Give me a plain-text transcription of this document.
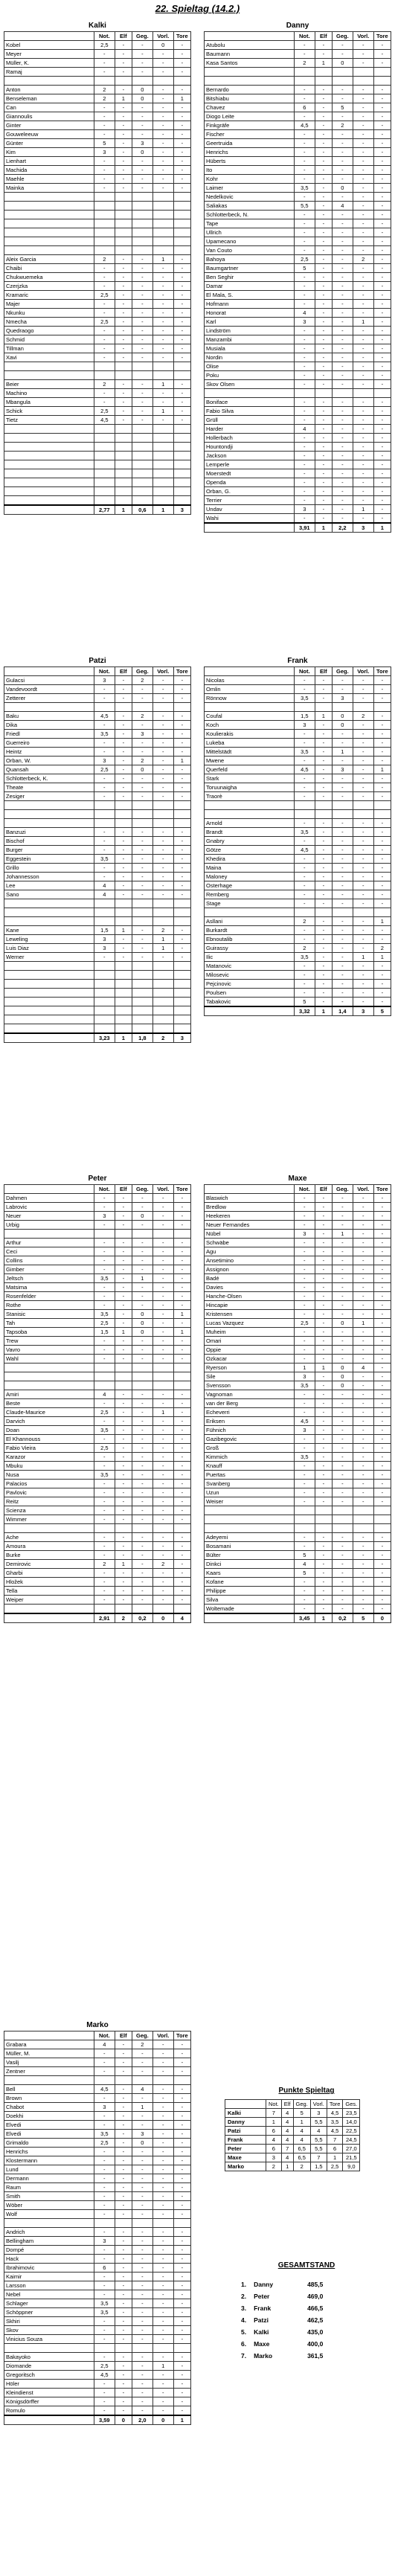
22. Spieltag (14.2.)
Kalki
	Not.	Elf	Geg.	Vorl.	Tore
Kobel	2,5	-	-	0	-
Meyer	-	-	-	-	-
Müller, K.	-	-	-	-	-
Ramaj	-	-	-	-	-

Anton	2	-	0	-	-
Benseleman	2	1	0	-	1
Can	-	-	-	-	-
Giannoulis	-	-	-	-	-
Ginter	-	-	-	-	-
Gouweleeuw	-	-	-	-	-
Günter	5	-	3	-	-
Kim	3	-	0	-	-
Lienhart	-	-	-	-	-
Machida	-	-	-	-	-
Maehle	-	-	-	-	-
Mainka	-	-	-	-	-

Aleix Garcia	2	-	-	1	-
Chaibi	-	-	-	-	-
Chukwuemeka	-	-	-	-	-
Czerjzka	-	-	-	-	-
Kramaric	2,5	-	-	-	-
Majer	-	-	-	-	-
Nkunku	-	-	-	-	-
Nmecha	2,5	-	-	-	-
Quedraogo	-	-	-	-	-
Schmid	-	-	-	-	-
Tillman	-	-	-	-	-
Xavi	-	-	-	-	-

Beier	2	-	-	1	-
Machino	-	-	-	-	-
Mbangula	-	-	-	-	-
Schick	2,5	-	-	1	-
Tietz	4,5	-	-	-	-

	2,77	1	0,6	1	3
Danny
	Not.	Elf	Geg.	Vorl.	Tore
Atubolu	-	-	-	-	-
Baumann	-	-	-	-	-
Kasa Santos	2	1	0	-	-

Bernardo	-	-	-	-	-
Bitshiabu	-	-	-	-	-
Chavez	6	-	5	-	-
Diogo Leite	-	-	-	-	-
Finkgräfe	4,5	-	2	-	-
Fischer	-	-	-	-	-
Geertruida	-	-	-	-	-
Henrichs	-	-	-	-	-
Hüberts	-	-	-	-	-
Ito	-	-	-	-	-
Kohr	-	-	-	-	-
Laimer	3,5	-	0	-	-
Nedelkovic	-	-	-	-	-
Saliakas	5,5	-	4	-	-
Schlotterbeck, N.	-	-	-	-	-
Tape	-	-	-	-	-
Ullrich	-	-	-	-	-
Upamecano	-	-	-	-	-
Van Couto	-	-	-	-	-
Bahoya	2,5	-	-	2	-
Baumgartner	5	-	-	-	-
Ben Seghir	-	-	-	-	-
Damar	-	-	-	-	-
El Mala, S.	-	-	-	-	-
Hofmann	-	-	-	-	-
Honorat	4	-	-	-	-
Karl	3	-	-	1	-
Lindström	-	-	-	-	-
Manzambi	-	-	-	-	-
Musiala	-	-	-	-	-
Nordin	-	-	-	-	-
Olise	-	-	-	-	-
Poku	-	-	-	-	-
Skov Olsen	-	-	-	-	-

Boniface	-	-	-	-	-
Fabio Silva	-	-	-	-	-
Grüll	-	-	-	-	-
Harder	4	-	-	-	-
Hollerbach	-	-	-	-	-
Hountondji	-	-	-	-	-
Jackson	-	-	-	-	-
Lemperle	-	-	-	-	-
Moerstedt	-	-	-	-	-
Openda	-	-	-	-	-
Orban, G.	-	-	-	-	-
Terrier	-	-	-	-	-
Undav	3	-	-	1	-
Wahi	-	-	-	-	-
	3,91	1	2,2	3	1
Patzi
	Not.	Elf	Geg.	Vorl.	Tore
Gulacsi	3	-	2	-	-
Vandevoordt	-	-	-	-	-
Zetterer	-	-	-	-	-

Baku	4,5	-	2	-	-
Dika	-	-	-	-	-
Friedl	3,5	-	3	-	-
Guerreiro	-	-	-	-	-
Heintz	-	-	-	-	-
Orban, W.	3	-	2	-	1
Quansah	2,5	-	0	-	-
Schlotterbeck, K.	-	-	-	-	-
Theate	-	-	-	-	-
Zesiger	-	-	-	-	-

Banzuzi	-	-	-	-	-
Bischof	-	-	-	-	-
Burger	-	-	-	-	-
Eggestein	3,5	-	-	-	-
Grillo	-	-	-	-	-
Johannesson	-	-	-	-	-
Lee	4	-	-	-	-
Sano	4	-	-	-	-

Kane	1,5	1	-	2	-
Leweling	3	-	-	1	-
Luis Diaz	3	-	-	1	-
Werner	-	-	-	-	-

	3,23	1	1,8	2	3
Frank
	Not.	Elf	Geg.	Vorl.	Tore
Nicolas	-	-	-	-	-
Omlin	-	-	-	-	-
Rönnow	3,5	-	3	-	-

Coufal	1,5	1	0	2	-
Koch	3	-	0	-	-
Koulierakis	-	-	-	-	-
Lukeba	-	-	-	-	-
Mittelstädt	3,5	-	1	-	-
Mwene	-	-	-	-	-
Querfeld	4,5	-	3	-	1
Stark	-	-	-	-	-
Toruunaigha	-	-	-	-	-
Traorè	-	-	-	-	-

Arnold	-	-	-	-	-
Brandt	3,5	-	-	-	-
Gnabry	-	-	-	-	-
Götze	4,5	-	-	-	-
Khedira	-	-	-	-	-
Maina	-	-	-	-	-
Maloney	-	-	-	-	-
Osterhage	-	-	-	-	-
Remberg	-	-	-	-	-
Stage	-	-	-	-	-

Asllani	2	-	-	-	1
Burkardt	-	-	-	-	-
Ebnoutalib	-	-	-	-	-
Guirassy	2	-	-	-	2
Ilic	3,5	-	-	1	1
Matanovic	-	-	-	-	-
Milosevic	-	-	-	-	-
Pejcinovic	-	-	-	-	-
Poulsen	-	-	-	-	-
Tabakovic	5	-	-	-	-
	3,32	1	1,4	3	5
Peter
	Not.	Elf	Geg.	Vorl.	Tore
Dahmen	-	-	-	-	-
Labrovic	-	-	-	-	-
Neuer	3	-	0	-	-
Urbig	-	-	-	-	-

Arthur	-	-	-	-	-
Ceci	-	-	-	-	-
Collins	-	-	-	-	-
Gimber	-	-	-	-	-
Jeltsch	3,5	-	1	-	-
Matsima	-	-	-	-	-
Rosenfelder	-	-	-	-	-
Rothe	-	-	-	-	-
Stanisic	3,5	-	0	-	1
Tah	2,5	-	0	-	-
Tapsoba	1,5	1	0	-	1
Trew	-	-	-	-	-
Vavro	-	-	-	-	-
Wahl	-	-	-	-	-

Amiri	4	-	-	-	-
Beste	-	-	-	-	-
Claude-Maurice	2,5	-	-	1	-
Darvich	-	-	-	-	-
Doan	3,5	-	-	-	-
El Khannouss	-	-	-	-	-
Fabio Vieira	2,5	-	-	-	-
Karazor	-	-	-	-	-
Mbuku	-	-	-	-	-
Nusa	3,5	-	-	-	-
Palacios	-	-	-	-	-
Pavlovic	-	-	-	-	-
Reitz	-	-	-	-	-
Scienza	-	-	-	-	-
Wimmer	-	-	-	-	-

Ache	-	-	-	-	-
Amoura	-	-	-	-	-
Burke	-	-	-	-	-
Demirovic	2	1	-	2	-
Gharbi	-	-	-	-	-
Hložek	-	-	-	-	-
Tella	-	-	-	-	-
Weiper	-	-	-	-	-

	2,91	2	0,2	0	4
Maxe
	Not.	Elf	Geg.	Vorl.	Tore
Blaswich	-	-	-	-	-
Bredlow	-	-	-	-	-
Heekeren	-	-	-	-	-
Neuer Fernandes	-	-	-	-	-
Nübel	3	-	1	-	-
Schwäbe	-	-	-	-	-
Agu	-	-	-	-	-
Ansetimino	-	-	-	-	-
Assignon	-	-	-	-	-
Badé	-	-	-	-	-
Davies	-	-	-	-	-
Hanche-Olsen	-	-	-	-	-
Hincapie	-	-	-	-	-
Kristensen	-	-	-	-	-
Lucas Vazquez	2,5	-	0	1	-
Muheim	-	-	-	-	-
Omari	-	-	-	-	-
Oppie	-	-	-	-	-
Ozkacar	-	-	-	-	-
Ryerson	1	1	0	4	-
Sile	3	-	0	-	-
Svensson	3,5	-	0	-	-
Vagnoman	-	-	-	-	-
van der Berg	-	-	-	-	-
Echeverri	-	-	-	-	-
Eriksen	4,5	-	-	-	-
Fühnich	3	-	-	-	-
Gazibegovic	-	-	-	-	-
Groß	-	-	-	-	-
Kimmich	3,5	-	-	-	-
Knauff	-	-	-	-	-
Puertas	-	-	-	-	-
Svanberg	-	-	-	-	-
Uzun	-	-	-	-	-
Weiser	-	-	-	-	-

Adeyemi	-	-	-	-	-
Bosamani	-	-	-	-	-
Bülter	5	-	-	-	-
Dinkci	4	-	-	-	-
Kaars	5	-	-	-	-
Kofane	-	-	-	-	-
Philippe	-	-	-	-	-
Silva	-	-	-	-	-
Woltemade	-	-	-	-	-
	3,45	1	0,2	5	0
Marko
	Not.	Elf	Geg.	Vorl.	Tore
Grabara	4	-	2	-	-
Müller, M.	-	-	-	-	-
Vasilj	-	-	-	-	-
Zentner	-	-	-	-	-

Bell	4,5	-	4	-	-
Brown	-	-	-	-	-
Chabot	3	-	1	-	-
Doekhi	-	-	-	-	-
Elvedi	-	-	-	-	-
Elvedi	3,5	-	3	-	-
Grimaldo	2,5	-	0	-	-
Henrichs	-	-	-	-	-
Klostermann	-	-	-	-	-
Lund	-	-	-	-	-
Dermann	-	-	-	-	-
Raum	-	-	-	-	-
Smith	-	-	-	-	-
Wöber	-	-	-	-	-
Wolf	-	-	-	-	-

Andrich	-	-	-	-	-
Bellingham	3	-	-	-	-
Dompé	-	-	-	-	-
Hack	-	-	-	-	-
Ibrahimovic	6	-	-	-	-
Kaimir	-	-	-	-	-
Larsson	-	-	-	-	-
Nebel	-	-	-	-	-
Schlager	3,5	-	-	-	-
Schöppner	3,5	-	-	-	-
Skhiri	-	-	-	-	-
Skov	-	-	-	-	-
Vinicius Souza	-	-	-	-	-

Bakayoko	-	-	-	-	-
Diomande	2,5	-	-	1	-
Gregoritsch	4,5	-	-	-	-
Höler	-	-	-	-	-
Kleindienst	-	-	-	-	-
Königsdörffer	-	-	-	-	-
Romulo	-	-	-	-	-
	3,59	0	2,0	0	1
Punkte Spieltag
	Not.	Elf	Geg.	Vorl.	Tore	Ges.
Kalki	7	4	5	3	4,5	23,5
Danny	1	4	1	5,5	3,5	14,0
Patzi	6	4	4	4	4,5	22,5
Frank	4	4	4	5,5	7	24,5
Peter	6	7	6,5	5,5	6	27,0
Maxe	3	4	6,5	7	1	21,5
Marko	2	1	2	1,5	2,5	9,0
GESAMTSTAND
1.	Danny	485,5
2.	Peter	469,0
3.	Frank	466,5
4.	Patzi	462,5
5.	Kalki	435,0
6.	Maxe	400,0
7.	Marko	361,5
